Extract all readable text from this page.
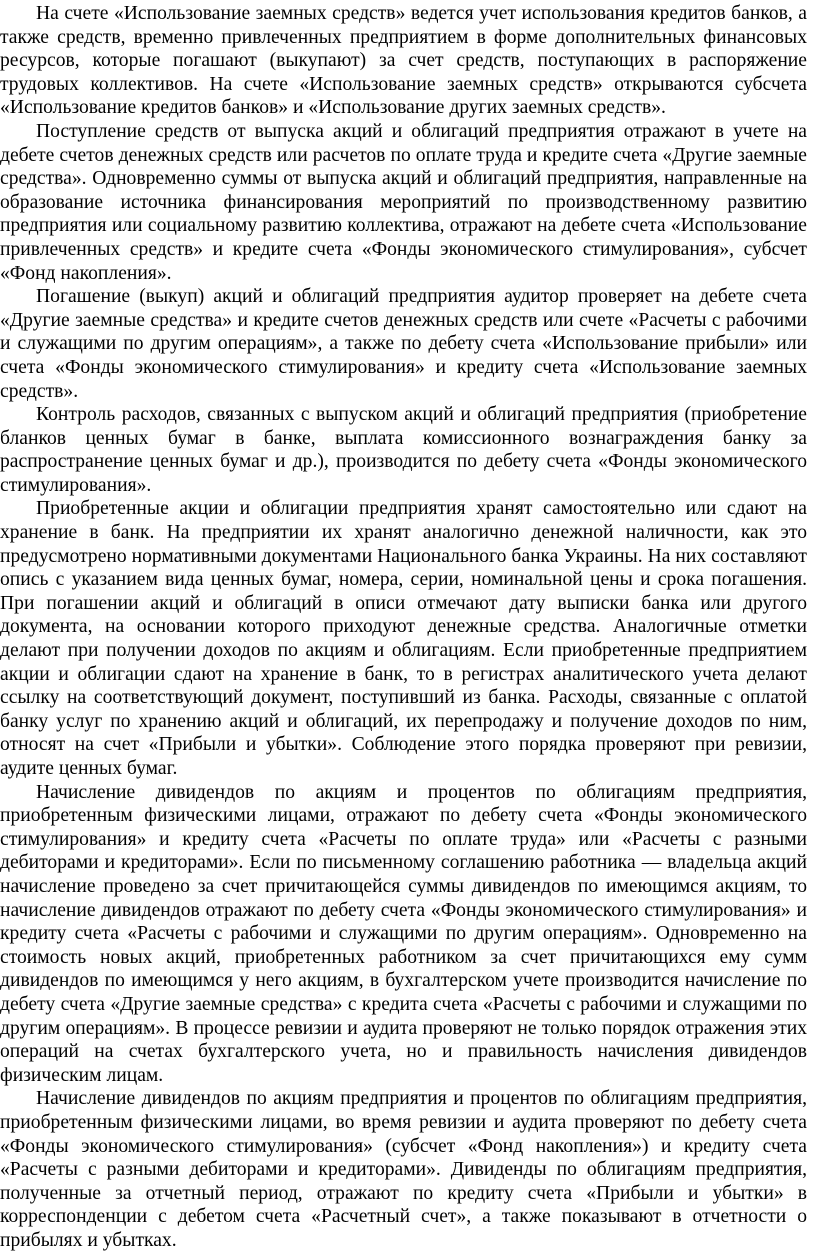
На счете «Использование заемных средств» ведется учет использования кредитов банков, а также средств, временно привлеченных предприятием в форме дополнительных финансовых ресурсов, которые погашают (выкупают) за счет средств, поступающих в распоряжение трудовых коллективов. На счете «Использование заемных средств» открываются субсчета «Использование кредитов банков» и «Использование других заемных средств».

Поступление средств от выпуска акций и облигаций предприятия отражают в учете на дебете счетов денежных средств или расчетов по оплате труда и кредите счета «Другие заемные средства». Одновременно суммы от выпуска акций и облигаций предприятия, направленные на образование источника финансирования мероприятий по производственному развитию предприятия или социальному развитию коллектива, отражают на дебете счета «Использование привлеченных средств» и кредите счета «Фонды экономического стимулирования», субсчет «Фонд накопления».

Погашение (выкуп) акций и облигаций предприятия аудитор проверяет на дебете счета «Другие заемные средства» и кредите счетов денежных средств или счете «Расчеты с рабочими и служащими по другим операциям», а также по дебету счета «Использование прибыли» или счета «Фонды экономического стимулирования» и кредиту счета «Использование заемных средств».

Контроль расходов, связанных с выпуском акций и облигаций предприятия (приобретение бланков ценных бумаг в банке, выплата комиссионного вознаграждения банку за распространение ценных бумаг и др.), производится по дебету счета «Фонды экономического стимулирования».

Приобретенные акции и облигации предприятия хранят самостоятельно или сдают на хранение в банк. На предприятии их хранят аналогично денежной наличности, как это предусмотрено нормативными документами Национального банка Украины. На них составляют опись с указанием вида ценных бумаг, номера, серии, номинальной цены и срока погашения. При погашении акций и облигаций в описи отмечают дату выписки банка или другого документа, на основании которого приходуют денежные средства. Аналогичные отметки делают при получении доходов по акциям и облигациям. Если приобретенные предприятием акции и облигации сдают на хранение в банк, то в регистрах аналитического учета делают ссылку на соответствующий документ, поступивший из банка. Расходы, связанные с оплатой банку услуг по хранению акций и облигаций, их перепродажу и получение доходов по ним, относят на счет «Прибыли и убытки». Соблюдение этого порядка проверяют при ревизии, аудите ценных бумаг.

Начисление дивидендов по акциям и процентов по облигациям предприятия, приобретенным физическими лицами, отражают по дебету счета «Фонды экономического стимулирования» и кредиту счета «Расчеты по оплате труда» или «Расчеты с разными дебиторами и кредиторами». Если по письменному соглашению работника — владельца акций начисление проведено за счет причитающейся суммы дивидендов по имеющимся акциям, то начисление дивидендов отражают по дебету счета «Фонды экономического стимулирования» и кредиту счета «Расчеты с рабочими и служащими по другим операциям». Одновременно на стоимость новых акций, приобретенных работником за счет причитающихся ему сумм дивидендов по имеющимся у него акциям, в бухгалтерском учете производится начисление по дебету счета «Другие заемные средства» с кредита счета «Расчеты с рабочими и служащими по другим операциям». В процессе ревизии и аудита проверяют не только порядок отражения этих операций на счетах бухгалтерского учета, но и правильность начисления дивидендов физическим лицам.

Начисление дивидендов по акциям предприятия и процентов по облигациям предприятия, приобретенным физическими лицами, во время ревизии и аудита проверяют по дебету счета «Фонды экономического стимулирования» (субсчет «Фонд накопления») и кредиту счета «Расчеты с разными дебиторами и кредиторами». Дивиденды по облигациям предприятия, полученные за отчетный период, отражают по кредиту счета «Прибыли и убытки» в корреспонденции с дебетом счета «Расчетный счет», а также показывают в отчетности о прибылях и убытках.
